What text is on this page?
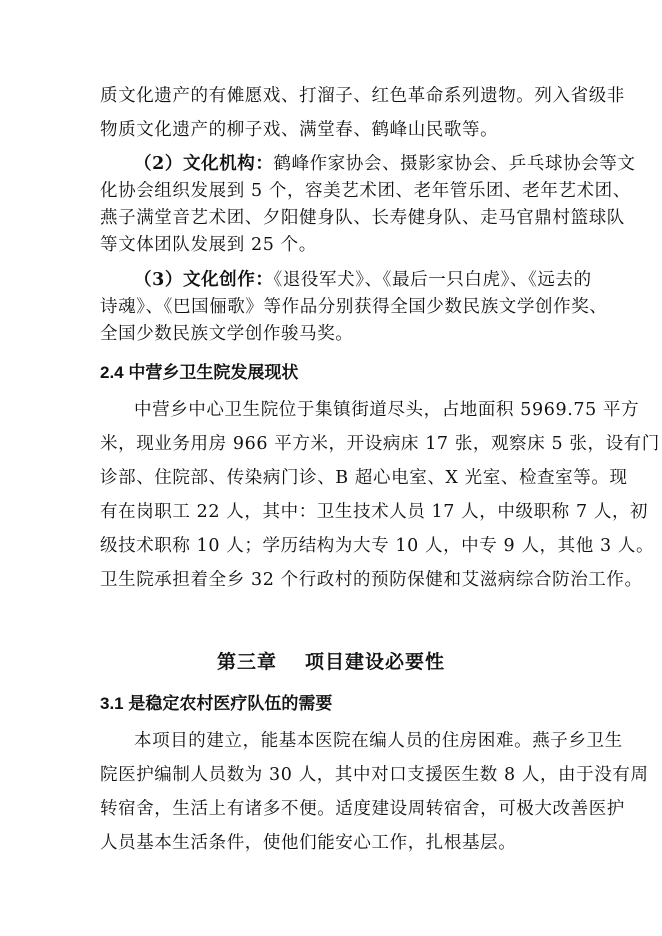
质文化遗产的有傩愿戏、打溜子、红色革命系列遗物。列入省级非
物质文化遗产的柳子戏、满堂春、鹤峰山民歌等。
（2）文化机构：鹤峰作家协会、摄影家协会、乒乓球协会等文
化协会组织发展到 5 个，容美艺术团、老年管乐团、老年艺术团、
燕子满堂音艺术团、夕阳健身队、长寿健身队、走马官鼎村篮球队
等文体团队发展到 25 个。
（3）文化创作：《退役军犬》、《最后一只白虎》、《远去的
诗魂》、《巴国俪歌》等作品分别获得全国少数民族文学创作奖、
全国少数民族文学创作骏马奖。
2.4 中营乡卫生院发展现状
中营乡中心卫生院位于集镇街道尽头，占地面积 5969.75 平方
米，现业务用房 966 平方米，开设病床 17 张，观察床 5 张，设有门
诊部、住院部、传染病门诊、B 超心电室、X 光室、检查室等。现
有在岗职工 22 人，其中：卫生技术人员 17 人，中级职称 7 人，初
级技术职称 10 人；学历结构为大专 10 人，中专 9 人，其他 3 人。
卫生院承担着全乡 32 个行政村的预防保健和艾滋病综合防治工作。
第三章 项目建设必要性
3.1 是稳定农村医疗队伍的需要
本项目的建立，能基本医院在编人员的住房困难。燕子乡卫生
院医护编制人员数为 30 人，其中对口支援医生数 8 人，由于没有周
转宿舍，生活上有诸多不便。适度建设周转宿舍，可极大改善医护
人员基本生活条件，使他们能安心工作，扎根基层。
